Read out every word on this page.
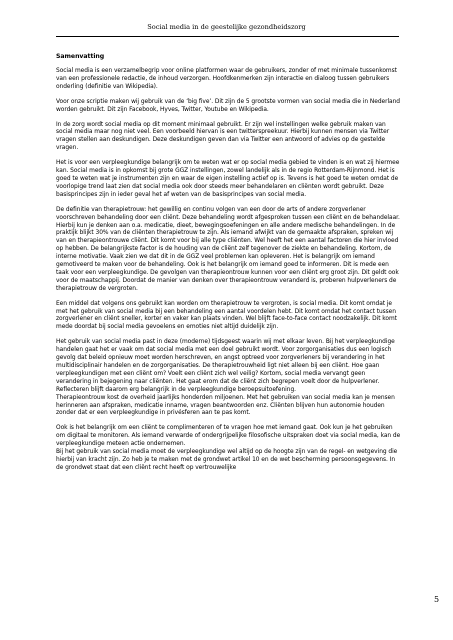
Social media in de geestelijke gezondheidszorg
Samenvatting

Social media is een verzamelbegrip voor online platformen waar de gebruikers, zonder of met minimale tussenkomst van een professionele redactie, de inhoud verzorgen. Hoofdkenmerken zijn interactie en dialoog tussen gebruikers onderling (definitie van Wikipedia).

Voor onze scriptie maken wij gebruik van de ‘big five’. Dit zijn de 5 grootste vormen van social media die in Nederland worden gebruikt. Dit zijn Facebook, Hyves, Twitter, Youtube en Wikipedia.

In de zorg wordt social media op dit moment minimaal gebruikt. Er zijn wel instellingen welke gebruik maken van social media maar nog niet veel. Een voorbeeld hiervan is een twitterspreekuur. Hierbij kunnen mensen via Twitter vragen stellen aan deskundigen. Deze deskundigen geven dan via Twitter een antwoord of advies op de gestelde vragen.

Het is voor een verpleegkundige belangrijk om te weten wat er op social media gebied te vinden is en wat zij hiermee kan. Social media is in opkomst bij grote GGZ instellingen, zowel landelijk als in de regio Rotterdam-Rijnmond. Het is goed te weten wat je instrumenten zijn en waar de eigen instelling actief op is. Tevens is het goed te weten omdat de voorlopige trend laat zien dat social media ook door steeds meer behandelaren en cliënten wordt gebruikt. Deze basisprincipes zijn in ieder geval het af weten van de basisprincipes van social media.

De definitie van therapietrouw: het gewillig en continu volgen van een door de arts of andere zorgverlener voorschreven behandeling door een cliënt. Deze behandeling wordt afgesproken tussen een cliënt en de behandelaar. Hierbij kun je denken aan o.a. medicatie, dieet, bewegingsoefeningen en alle andere medische behandelingen. In de praktijk blijkt 30% van de cliënten therapietrouw te zijn. Als iemand afwijkt van de gemaakte afspraken, spreken wij van en therapieontrouwe cliënt. Dit komt voor bij alle type cliënten. Wel heeft het een aantal factoren die hier invloed op hebben. De belangrijkste factor is de houding van de cliënt zelf tegenover de ziekte en behandeling. Kortom, de interne motivatie. Vaak zien we dat dit in de GGZ veel problemen kan opleveren. Het is belangrijk om iemand gemotiveerd te maken voor de behandeling. Ook is het belangrijk om iemand goed te informeren. Dit is mede een taak voor een verpleegkundige. De gevolgen van therapieontrouw kunnen voor een cliënt erg groot zijn. Dit geldt ook voor de maatschappij. Doordat de manier van denken over therapieontrouw veranderd is, proberen hulpverleners de therapietrouw de vergroten.

Een middel dat volgens ons gebruikt kan worden om therapietrouw te vergroten, is social media. Dit komt omdat je met het gebruik van social media bij een behandeling een aantal voordelen hebt. Dit komt omdat het contact tussen zorgverlener en cliënt sneller, korter en vaker kan plaats vinden. Wel blijft face-to-face contact noodzakelijk. Dit komt mede doordat bij social media gevoelens en emoties niet altijd duidelijk zijn.

Het gebruik van social media past in deze (moderne) tijdsgeest waarin wij met elkaar leven. Bij het verpleegkundige handelen gaat het er vaak om dat social media met een doel gebruikt wordt. Voor zorgorganisaties dus een logisch gevolg dat beleid opnieuw moet worden herschreven, en angst optreed voor zorgverleners bij verandering in het multidisciplinair handelen en de zorgorganisaties. De therapietrouwheid ligt niet alleen bij een cliënt. Hoe gaan verpleegkundigen met een cliënt om? Voelt een cliënt zich wel veilig? Kortom, social media vervangt geen verandering in bejegening naar cliënten. Het gaat erom dat de cliënt zich begrepen voelt door de hulpverlener. Reflecteren blijft daarom erg belangrijk in de verpleegkundige beroepsuitoefening.

Therapieontrouw kost de overheid jaarlijks honderden miljoenen. Met het gebruiken van social media kan je mensen herinneren aan afspraken, medicatie inname, vragen beantwoorden enz. Cliënten blijven hun autonomie houden zonder dat er een verpleegkundige in privésferen aan te pas komt.

Ook is het belangrijk om een cliënt te complimenteren of te vragen hoe met iemand gaat. Ook kun je het gebruiken om digitaal te monitoren. Als iemand verwarde of ondergrijpelijke filosofische uitspraken doet via social media, kan de verpleegkundige meteen actie ondernemen.

Bij het gebruik van social media moet de verpleegkundige wel altijd op de hoogte zijn van de regel- en wetgeving die hierbij van kracht zijn. Zo heb je te maken met de grondwet artikel 10 en de wet bescherming persoonsgegevens. In de grondwet staat dat een cliënt recht heeft op vertrouwelijke

5
